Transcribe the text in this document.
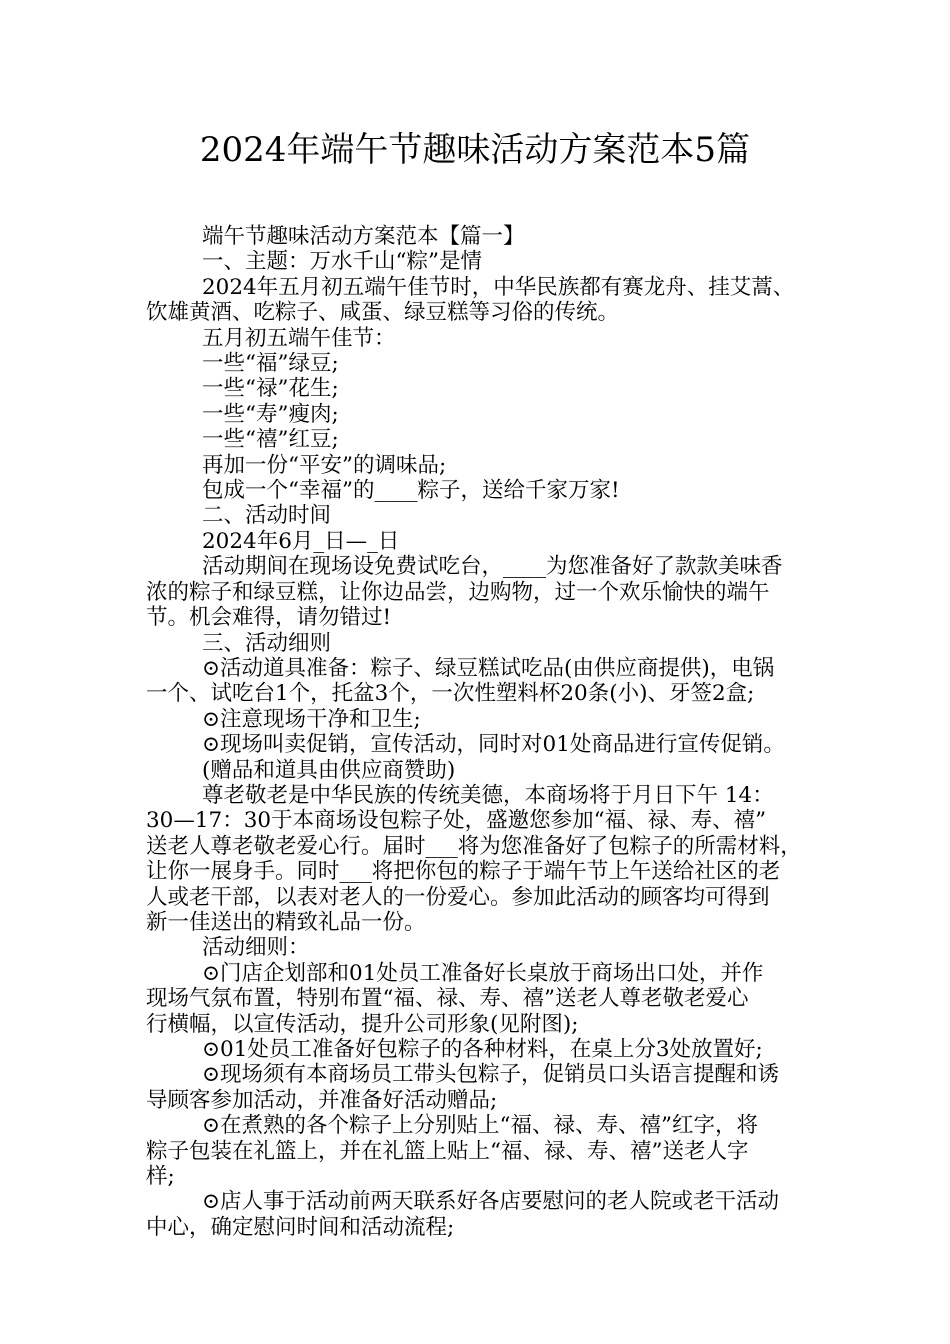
2024年端午节趣味活动方案范本5篇

端午节趣味活动方案范本【篇一】

一、主题：万水千山“粽”是情

2024年五月初五端午佳节时，中华民族都有赛龙舟、挂艾蒿、

饮雄黄酒、吃粽子、咸蛋、绿豆糕等习俗的传统。

五月初五端午佳节：

一些“福”绿豆;

一些“禄”花生;

一些“寿”瘦肉;

一些“禧”红豆;

再加一份“平安”的调味品;

包成一个“幸福”的____粽子，送给千家万家!

二、活动时间

2024年6月_日—_日

活动期间在现场设免费试吃台，____为您准备好了款款美味香

浓的粽子和绿豆糕，让你边品尝，边购物，过一个欢乐愉快的端午

节。机会难得，请勿错过!

三、活动细则

⊙活动道具准备：粽子、绿豆糕试吃品(由供应商提供)，电锅

一个、试吃台1个，托盆3个，一次性塑料杯20条(小)、牙签2盒;

⊙注意现场干净和卫生;

⊙现场叫卖促销，宣传活动，同时对01处商品进行宣传促销。

(赠品和道具由供应商赞助)

尊老敬老是中华民族的传统美德，本商场将于月日下午 14：

30—17：30于本商场设包粽子处，盛邀您参加“福、禄、寿、禧”

送老人尊老敬老爱心行。届时___将为您准备好了包粽子的所需材料，

让你一展身手。同时___将把你包的粽子于端午节上午送给社区的老

人或老干部，以表对老人的一份爱心。参加此活动的顾客均可得到

新一佳送出的精致礼品一份。

活动细则：

⊙门店企划部和01处员工准备好长桌放于商场出口处，并作

现场气氛布置，特别布置“福、禄、寿、禧”送老人尊老敬老爱心

行横幅，以宣传活动，提升公司形象(见附图);

⊙01处员工准备好包粽子的各种材料，在桌上分3处放置好;

⊙现场须有本商场员工带头包粽子，促销员口头语言提醒和诱

导顾客参加活动，并准备好活动赠品;

⊙在煮熟的各个粽子上分别贴上“福、禄、寿、禧”红字，将

粽子包装在礼篮上，并在礼篮上贴上“福、禄、寿、禧”送老人字

样;

⊙店人事于活动前两天联系好各店要慰问的老人院或老干活动

中心，确定慰问时间和活动流程;
